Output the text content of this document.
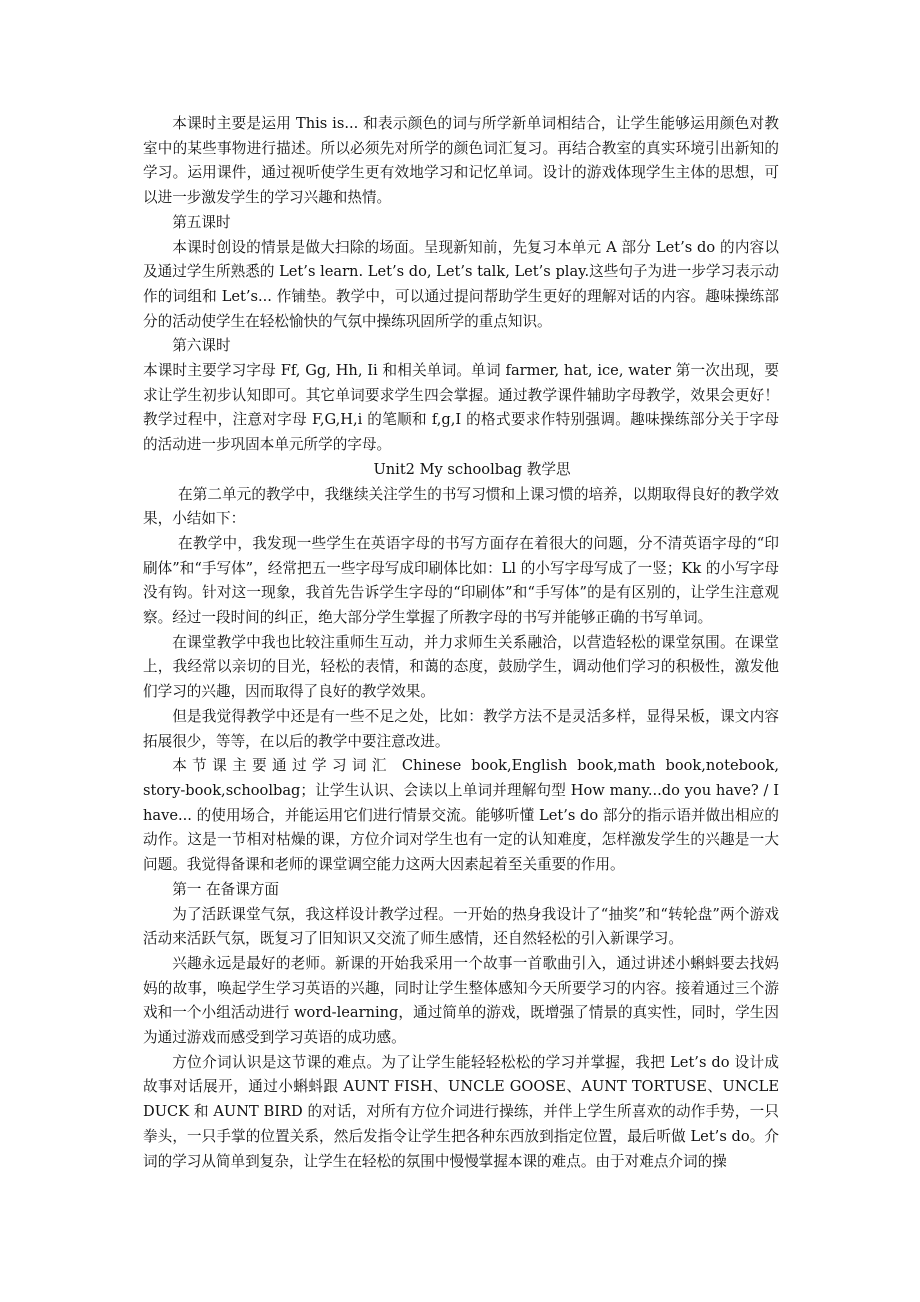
本课时主要是运用 This is... 和表示颜色的词与所学新单词相结合，让学生能够运用颜色对教室中的某些事物进行描述。所以必须先对所学的颜色词汇复习。再结合教室的真实环境引出新知的学习。运用课件，通过视听使学生更有效地学习和记忆单词。设计的游戏体现学生主体的思想，可以进一步激发学生的学习兴趣和热情。

第五课时

本课时创设的情景是做大扫除的场面。呈现新知前，先复习本单元 A 部分 Let’s do 的内容以及通过学生所熟悉的 Let’s learn. Let’s do, Let’s talk, Let’s play.这些句子为进一步学习表示动作的词组和 Let’s... 作铺垫。教学中，可以通过提问帮助学生更好的理解对话的内容。趣味操练部分的活动使学生在轻松愉快的气氛中操练巩固所学的重点知识。

第六课时

本课时主要学习字母 Ff, Gg, Hh, Ii 和相关单词。单词 farmer, hat, ice, water 第一次出现，要求让学生初步认知即可。其它单词要求学生四会掌握。通过教学课件辅助字母教学，效果会更好！教学过程中，注意对字母 F,G,H,i 的笔顺和 f,g,I 的格式要求作特别强调。趣味操练部分关于字母的活动进一步巩固本单元所学的字母。

Unit2 My schoolbag 教学思

在第二单元的教学中，我继续关注学生的书写习惯和上课习惯的培养，以期取得良好的教学效果，小结如下：

在教学中，我发现一些学生在英语字母的书写方面存在着很大的问题，分不清英语字母的“印刷体”和“手写体”，经常把五一些字母写成印刷体比如：Ll 的小写字母写成了一竖；Kk 的小写字母没有钩。针对这一现象，我首先告诉学生字母的“印刷体”和“手写体”的是有区别的，让学生注意观察。经过一段时间的纠正，绝大部分学生掌握了所教字母的书写并能够正确的书写单词。

在课堂教学中我也比较注重师生互动，并力求师生关系融洽，以营造轻松的课堂氛围。在课堂上，我经常以亲切的目光，轻松的表情，和蔼的态度，鼓励学生，调动他们学习的积极性，激发他们学习的兴趣，因而取得了良好的教学效果。

但是我觉得教学中还是有一些不足之处，比如：教学方法不是灵活多样，显得呆板，课文内容拓展很少，等等，在以后的教学中要注意改进。

本节课主要通过学习词汇 Chinese book,English book,math book,notebook,

story-book,schoolbag；让学生认识、会读以上单词并理解句型 How many...do you have? / I have... 的使用场合，并能运用它们进行情景交流。能够听懂 Let’s do 部分的指示语并做出相应的动作。这是一节相对枯燥的课，方位介词对学生也有一定的认知难度，怎样激发学生的兴趣是一大问题。我觉得备课和老师的课堂调空能力这两大因素起着至关重要的作用。

第一 在备课方面

为了活跃课堂气氛，我这样设计教学过程。一开始的热身我设计了“抽奖”和“转轮盘”两个游戏活动来活跃气氛，既复习了旧知识又交流了师生感情，还自然轻松的引入新课学习。

兴趣永远是最好的老师。新课的开始我采用一个故事一首歌曲引入，通过讲述小蝌蚪要去找妈妈的故事，唤起学生学习英语的兴趣，同时让学生整体感知今天所要学习的内容。接着通过三个游戏和一个小组活动进行 word-learning，通过简单的游戏，既增强了情景的真实性，同时，学生因为通过游戏而感受到学习英语的成功感。

方位介词认识是这节课的难点。为了让学生能轻轻松松的学习并掌握，我把 Let’s do 设计成故事对话展开，通过小蝌蚪跟 AUNT FISH、UNCLE GOOSE、AUNT TORTUSE、UNCLEDUCK 和 AUNT BIRD 的对话，对所有方位介词进行操练，并伴上学生所喜欢的动作手势，一只拳头，一只手掌的位置关系，然后发指令让学生把各种东西放到指定位置，最后听做 Let’s do。介词的学习从简单到复杂，让学生在轻松的氛围中慢慢掌握本课的难点。由于对难点介词的操
